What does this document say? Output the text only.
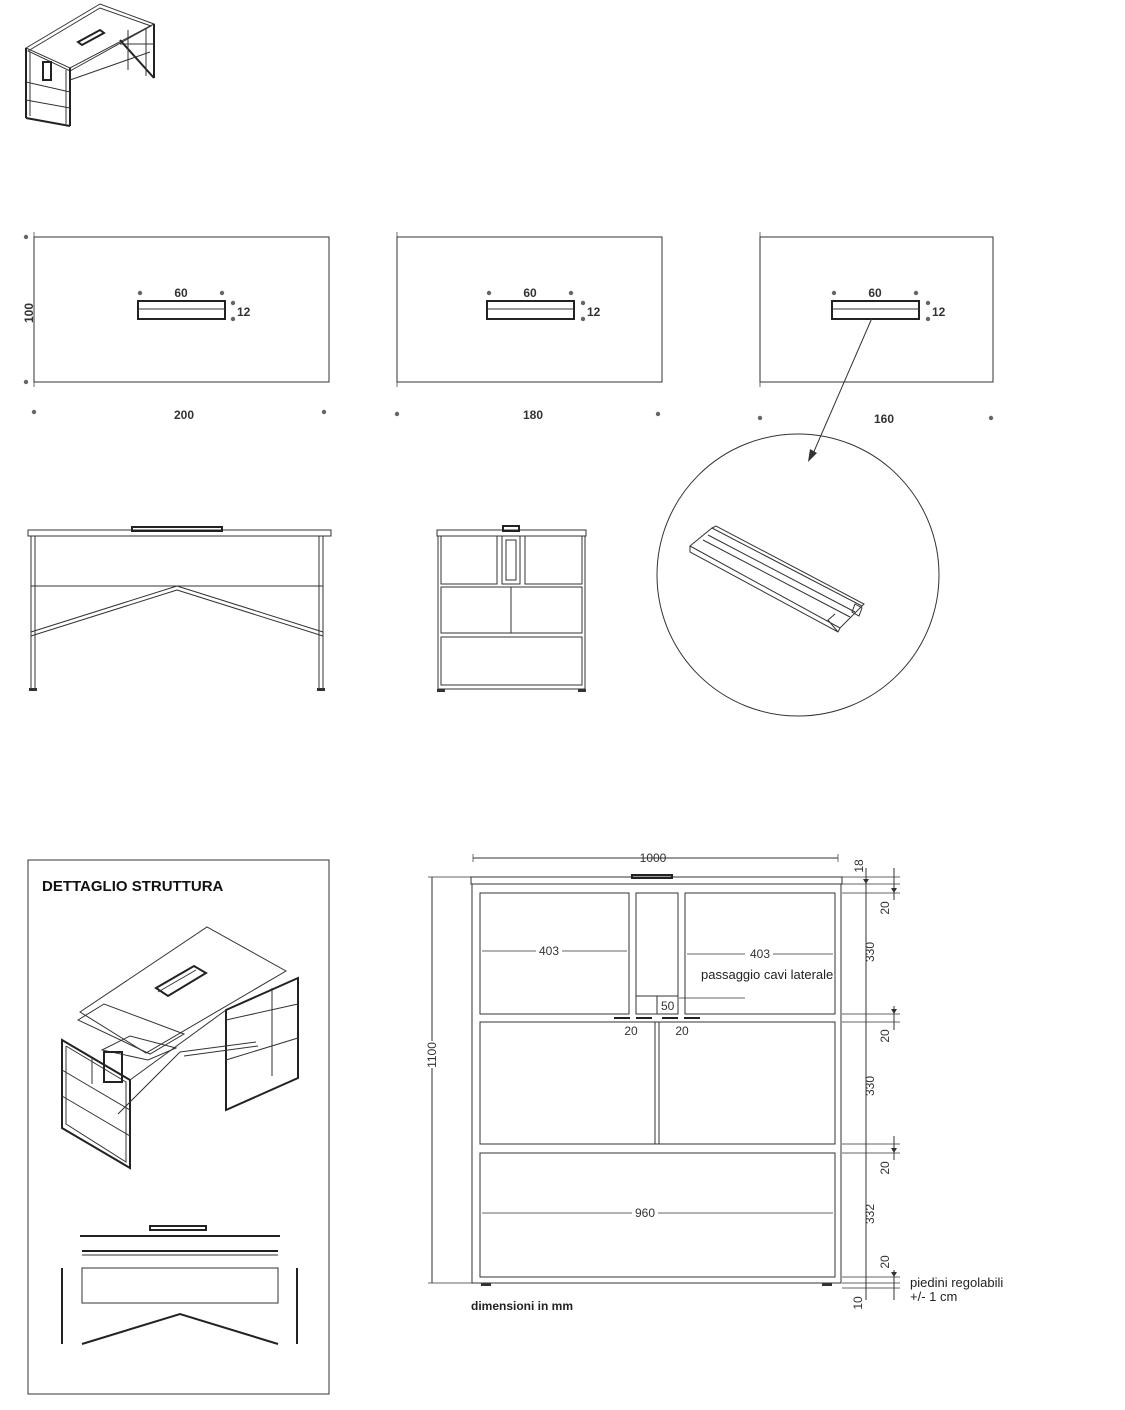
60
12
200
100
60
12
180
60
12
160
DETTAGLIO STRUTTURA
1000
18
1100
403	403
passaggio cavi laterale
50
20	20
960
20
330
20
330
20
332
20
10
piedini regolabili
+/- 1 cm
dimensioni in mm
